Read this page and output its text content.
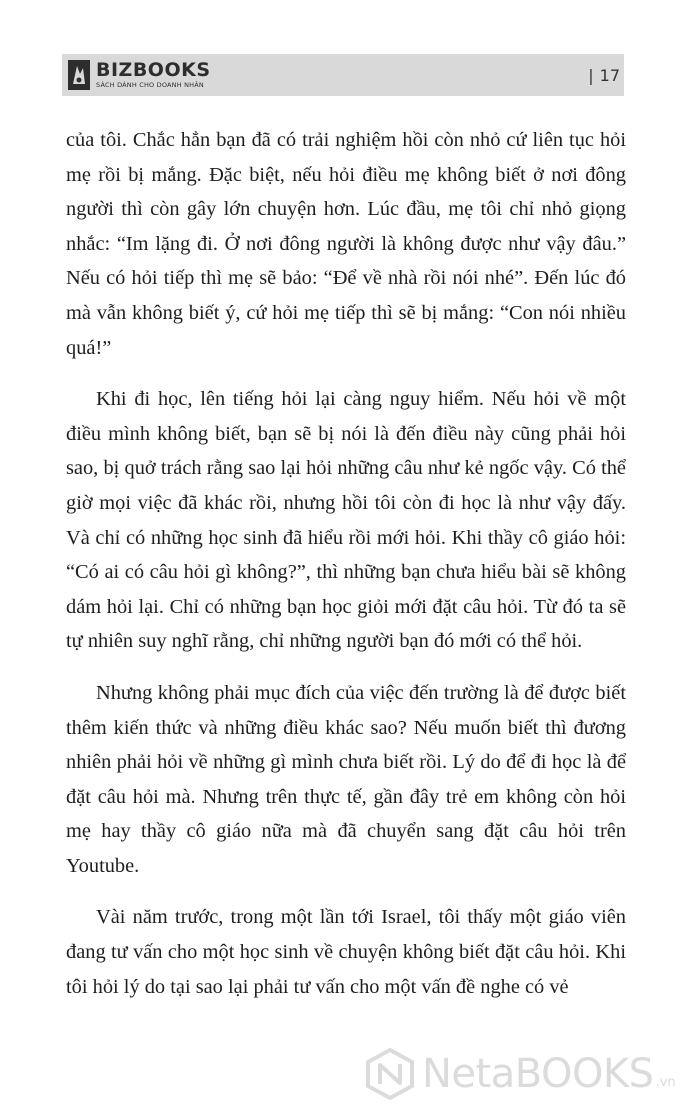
BIZBOOKS
SÁCH DÀNH CHO DOANH NHÂN
| 17

của tôi. Chắc hẳn bạn đã có trải nghiệm hồi còn nhỏ cứ liên tục hỏi mẹ rồi bị mắng. Đặc biệt, nếu hỏi điều mẹ không biết ở nơi đông người thì còn gây lớn chuyện hơn. Lúc đầu, mẹ tôi chỉ nhỏ giọng nhắc: “Im lặng đi. Ở nơi đông người là không được như vậy đâu.” Nếu có hỏi tiếp thì mẹ sẽ bảo: “Để về nhà rồi nói nhé”. Đến lúc đó mà vẫn không biết ý, cứ hỏi mẹ tiếp thì sẽ bị mắng: “Con nói nhiều quá!”

Khi đi học, lên tiếng hỏi lại càng nguy hiểm. Nếu hỏi về một điều mình không biết, bạn sẽ bị nói là đến điều này cũng phải hỏi sao, bị quở trách rằng sao lại hỏi những câu như kẻ ngốc vậy. Có thể giờ mọi việc đã khác rồi, nhưng hồi tôi còn đi học là như vậy đấy. Và chỉ có những học sinh đã hiểu rồi mới hỏi. Khi thầy cô giáo hỏi: “Có ai có câu hỏi gì không?”, thì những bạn chưa hiểu bài sẽ không dám hỏi lại. Chỉ có những bạn học giỏi mới đặt câu hỏi. Từ đó ta sẽ tự nhiên suy nghĩ rằng, chỉ những người bạn đó mới có thể hỏi.

Nhưng không phải mục đích của việc đến trường là để được biết thêm kiến thức và những điều khác sao? Nếu muốn biết thì đương nhiên phải hỏi về những gì mình chưa biết rồi. Lý do để đi học là để đặt câu hỏi mà. Nhưng trên thực tế, gần đây trẻ em không còn hỏi mẹ hay thầy cô giáo nữa mà đã chuyển sang đặt câu hỏi trên Youtube.

Vài năm trước, trong một lần tới Israel, tôi thấy một giáo viên đang tư vấn cho một học sinh về chuyện không biết đặt câu hỏi. Khi tôi hỏi lý do tại sao lại phải tư vấn cho một vấn đề nghe có vẻ

NetaBOOKS .vn
